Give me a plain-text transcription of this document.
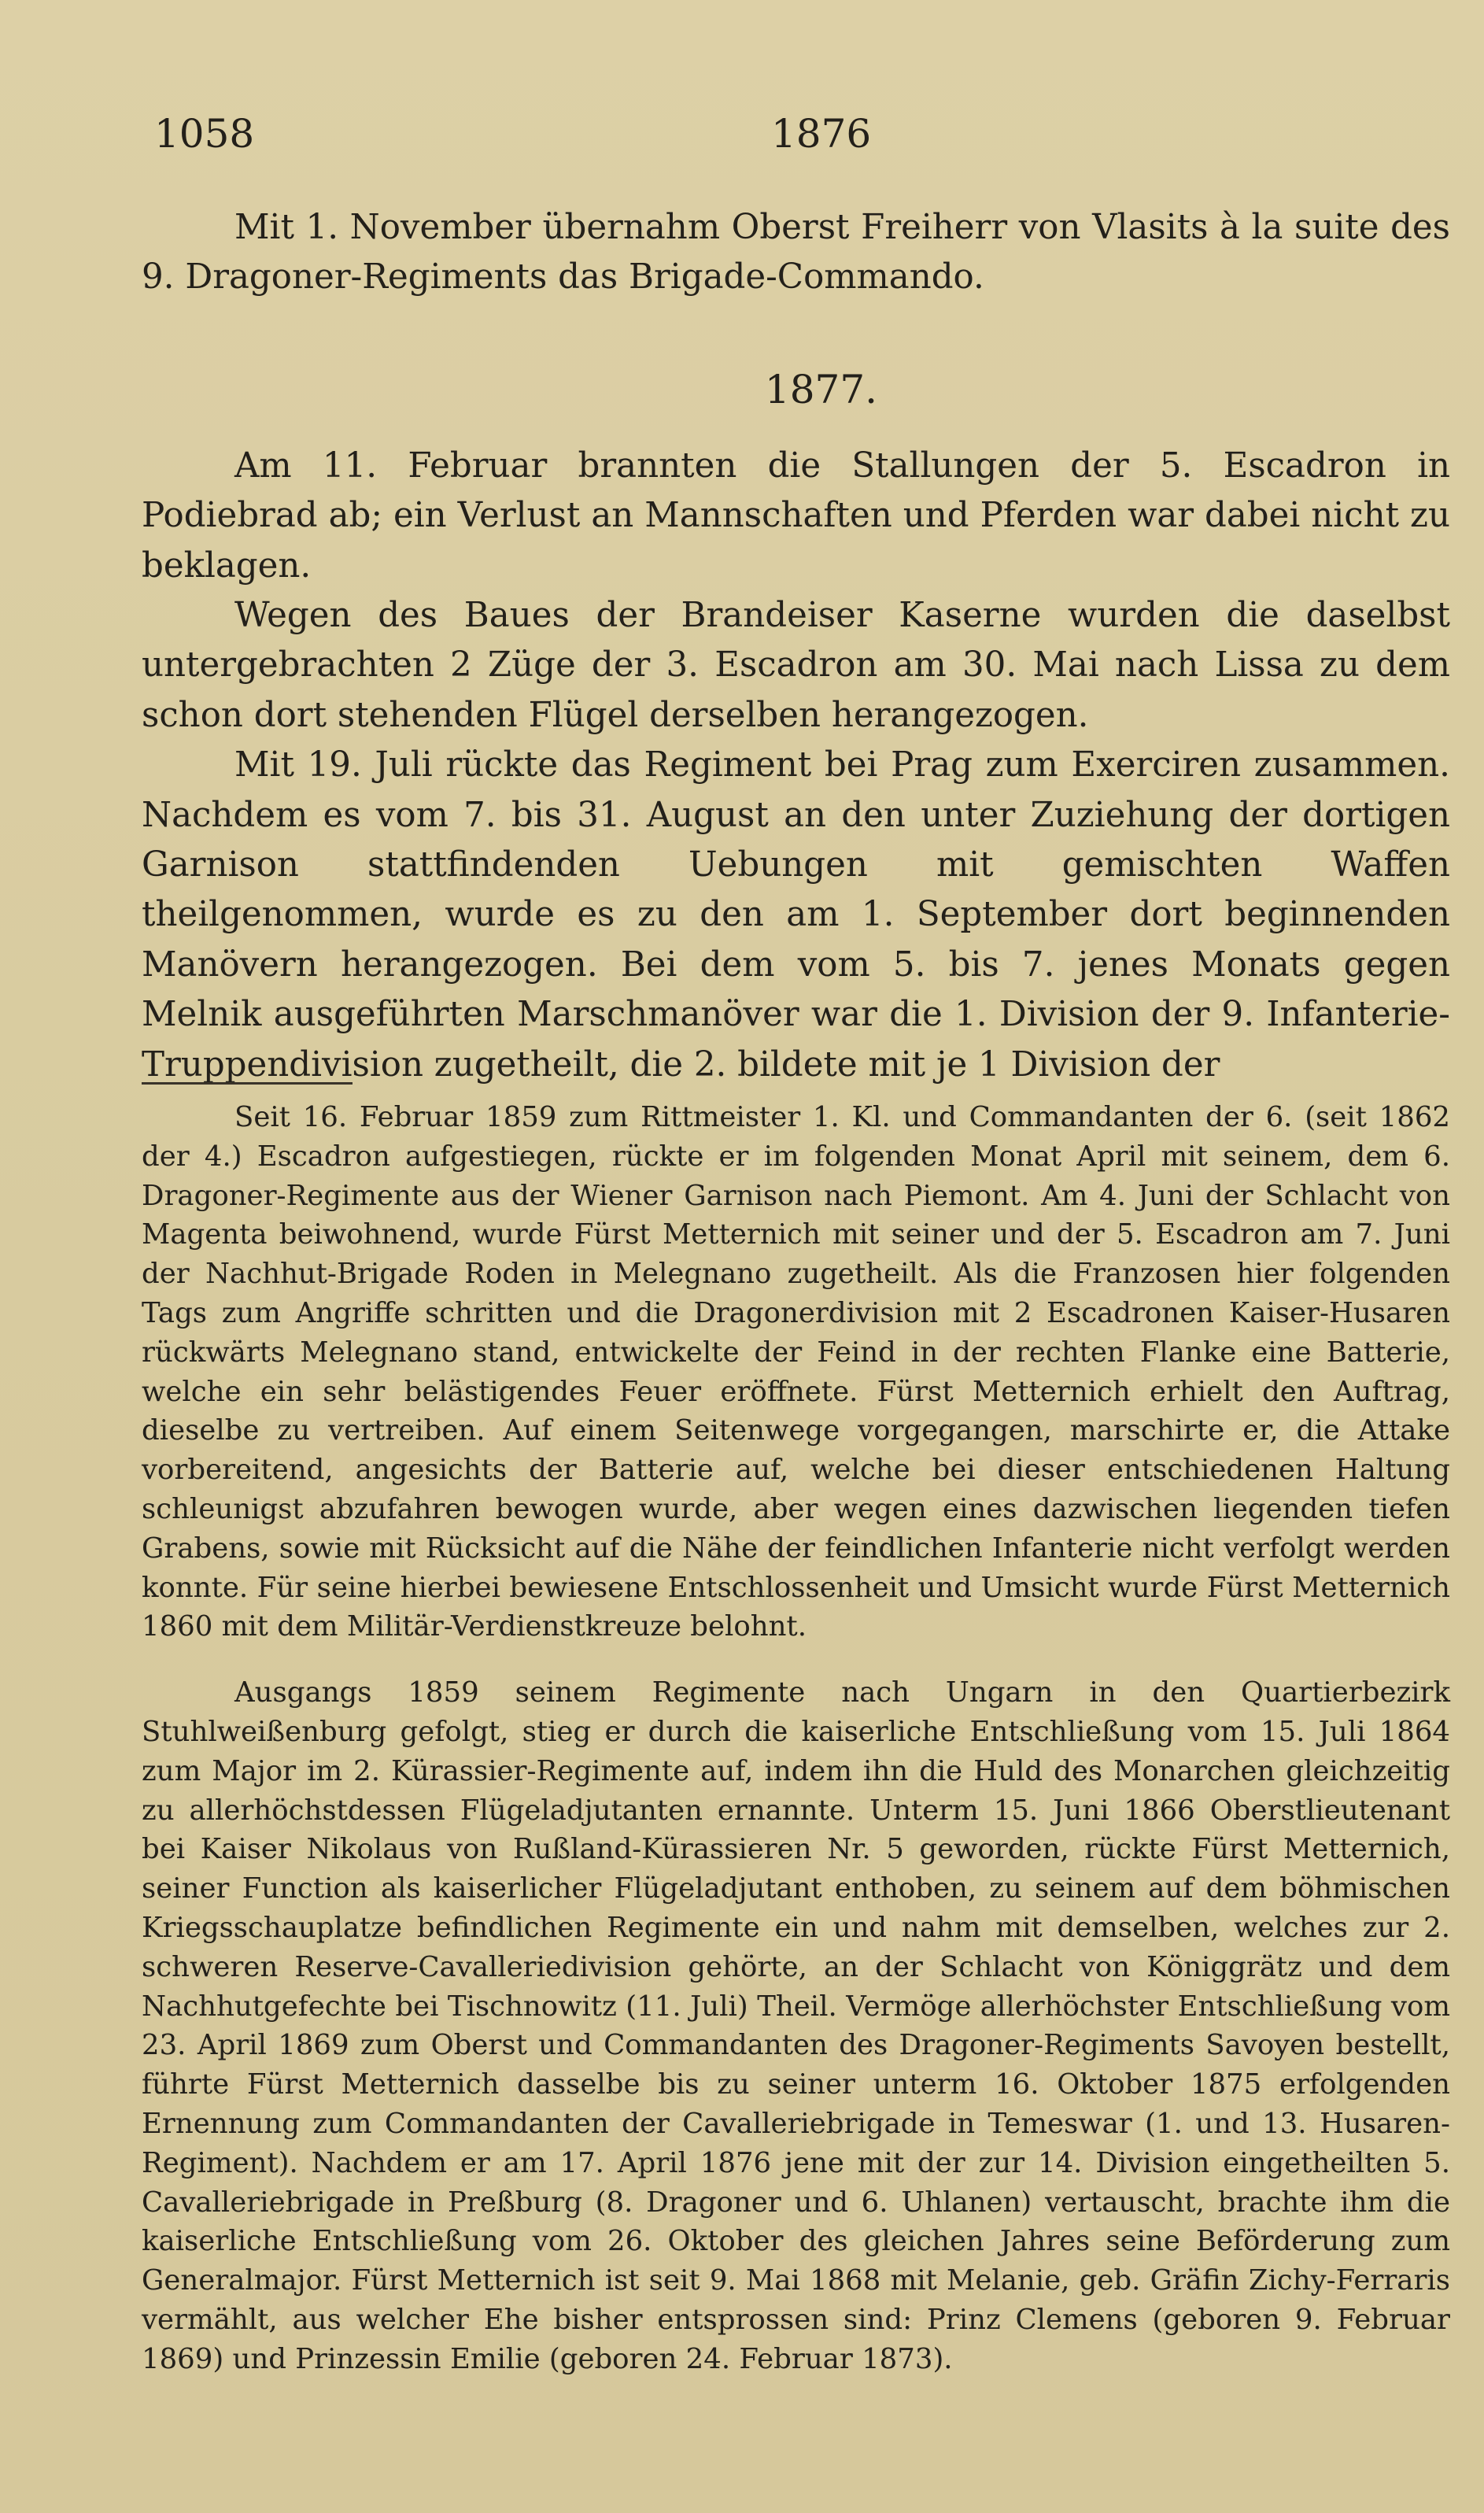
1058	1876

Mit 1. November übernahm Oberst Freiherr von Vlasits à la suite des 9. Dragoner-Regiments das Brigade-Commando.

1877.

Am 11. Februar brannten die Stallungen der 5. Escadron in Podiebrad ab; ein Verlust an Mannschaften und Pferden war dabei nicht zu beklagen.

Wegen des Baues der Brandeiser Kaserne wurden die daselbst untergebrachten 2 Züge der 3. Escadron am 30. Mai nach Lissa zu dem schon dort stehenden Flügel derselben herangezogen.

Mit 19. Juli rückte das Regiment bei Prag zum Exerciren zusammen. Nachdem es vom 7. bis 31. August an den unter Zuziehung der dortigen Garnison stattfindenden Uebungen mit gemischten Waffen theilgenommen, wurde es zu den am 1. September dort beginnenden Manövern herangezogen. Bei dem vom 5. bis 7. jenes Monats gegen Melnik ausgeführten Marschmanöver war die 1. Division der 9. Infanterie-Truppendivision zugetheilt, die 2. bildete mit je 1 Division der

Seit 16. Februar 1859 zum Rittmeister 1. Kl. und Commandanten der 6. (seit 1862 der 4.) Escadron aufgestiegen, rückte er im folgenden Monat April mit seinem, dem 6. Dragoner-Regimente aus der Wiener Garnison nach Piemont. Am 4. Juni der Schlacht von Magenta beiwohnend, wurde Fürst Metternich mit seiner und der 5. Escadron am 7. Juni der Nachhut-Brigade Roden in Melegnano zugetheilt. Als die Franzosen hier folgenden Tags zum Angriffe schritten und die Dragonerdivision mit 2 Escadronen Kaiser-Husaren rückwärts Melegnano stand, entwickelte der Feind in der rechten Flanke eine Batterie, welche ein sehr belästigendes Feuer eröffnete. Fürst Metternich erhielt den Auftrag, dieselbe zu vertreiben. Auf einem Seitenwege vorgegangen, marschirte er, die Attake vorbereitend, angesichts der Batterie auf, welche bei dieser entschiedenen Haltung schleunigst abzufahren bewogen wurde, aber wegen eines dazwischen liegenden tiefen Grabens, sowie mit Rücksicht auf die Nähe der feindlichen Infanterie nicht verfolgt werden konnte. Für seine hierbei bewiesene Entschlossenheit und Umsicht wurde Fürst Metternich 1860 mit dem Militär-Verdienstkreuze belohnt.

Ausgangs 1859 seinem Regimente nach Ungarn in den Quartierbezirk Stuhlweißenburg gefolgt, stieg er durch die kaiserliche Entschließung vom 15. Juli 1864 zum Major im 2. Kürassier-Regimente auf, indem ihn die Huld des Monarchen gleichzeitig zu allerhöchstdessen Flügeladjutanten ernannte. Unterm 15. Juni 1866 Oberstlieutenant bei Kaiser Nikolaus von Rußland-Kürassieren Nr. 5 geworden, rückte Fürst Metternich, seiner Function als kaiserlicher Flügeladjutant enthoben, zu seinem auf dem böhmischen Kriegsschauplatze befindlichen Regimente ein und nahm mit demselben, welches zur 2. schweren Reserve-Cavalleriedivision gehörte, an der Schlacht von Königgrätz und dem Nachhutgefechte bei Tischnowitz (11. Juli) Theil. Vermöge allerhöchster Entschließung vom 23. April 1869 zum Oberst und Commandanten des Dragoner-Regiments Savoyen bestellt, führte Fürst Metternich dasselbe bis zu seiner unterm 16. Oktober 1875 erfolgenden Ernennung zum Commandanten der Cavalleriebrigade in Temeswar (1. und 13. Husaren-Regiment). Nachdem er am 17. April 1876 jene mit der zur 14. Division eingetheilten 5. Cavalleriebrigade in Preßburg (8. Dragoner und 6. Uhlanen) vertauscht, brachte ihm die kaiserliche Entschließung vom 26. Oktober des gleichen Jahres seine Beförderung zum Generalmajor. Fürst Metternich ist seit 9. Mai 1868 mit Melanie, geb. Gräfin Zichy-Ferraris vermählt, aus welcher Ehe bisher entsprossen sind: Prinz Clemens (geboren 9. Februar 1869) und Prinzessin Emilie (geboren 24. Februar 1873).
